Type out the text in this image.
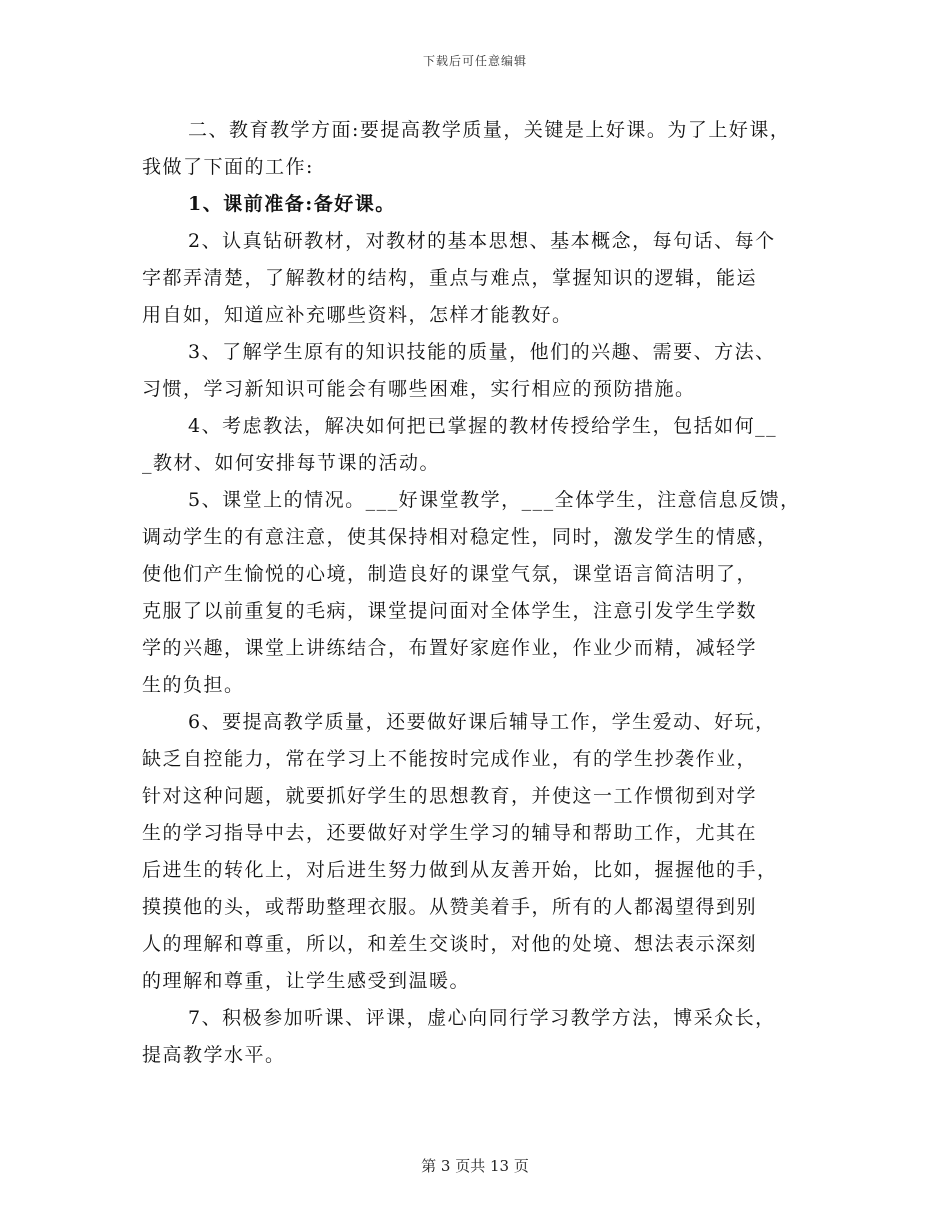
下载后可任意编辑
二、教育教学方面:要提高教学质量，关键是上好课。为了上好课，
我做了下面的工作:
1、课前准备:备好课。
2、认真钻研教材，对教材的基本思想、基本概念，每句话、每个
字都弄清楚，了解教材的结构，重点与难点，掌握知识的逻辑，能运
用自如，知道应补充哪些资料，怎样才能教好。
3、了解学生原有的知识技能的质量，他们的兴趣、需要、方法、
习惯，学习新知识可能会有哪些困难，实行相应的预防措施。
4、考虑教法，解决如何把已掌握的教材传授给学生，包括如何__
_教材、如何安排每节课的活动。
5、课堂上的情况。___好课堂教学，___全体学生，注意信息反馈，
调动学生的有意注意，使其保持相对稳定性，同时，激发学生的情感，
使他们产生愉悦的心境，制造良好的课堂气氛，课堂语言简洁明了，
克服了以前重复的毛病，课堂提问面对全体学生，注意引发学生学数
学的兴趣，课堂上讲练结合，布置好家庭作业，作业少而精，减轻学
生的负担。
6、要提高教学质量，还要做好课后辅导工作，学生爱动、好玩，
缺乏自控能力，常在学习上不能按时完成作业，有的学生抄袭作业，
针对这种问题，就要抓好学生的思想教育，并使这一工作惯彻到对学
生的学习指导中去，还要做好对学生学习的辅导和帮助工作，尤其在
后进生的转化上，对后进生努力做到从友善开始，比如，握握他的手，
摸摸他的头，或帮助整理衣服。从赞美着手，所有的人都渴望得到别
人的理解和尊重，所以，和差生交谈时，对他的处境、想法表示深刻
的理解和尊重，让学生感受到温暖。
7、积极参加听课、评课，虚心向同行学习教学方法，博采众长，
提高教学水平。
第 3 页共 13 页
